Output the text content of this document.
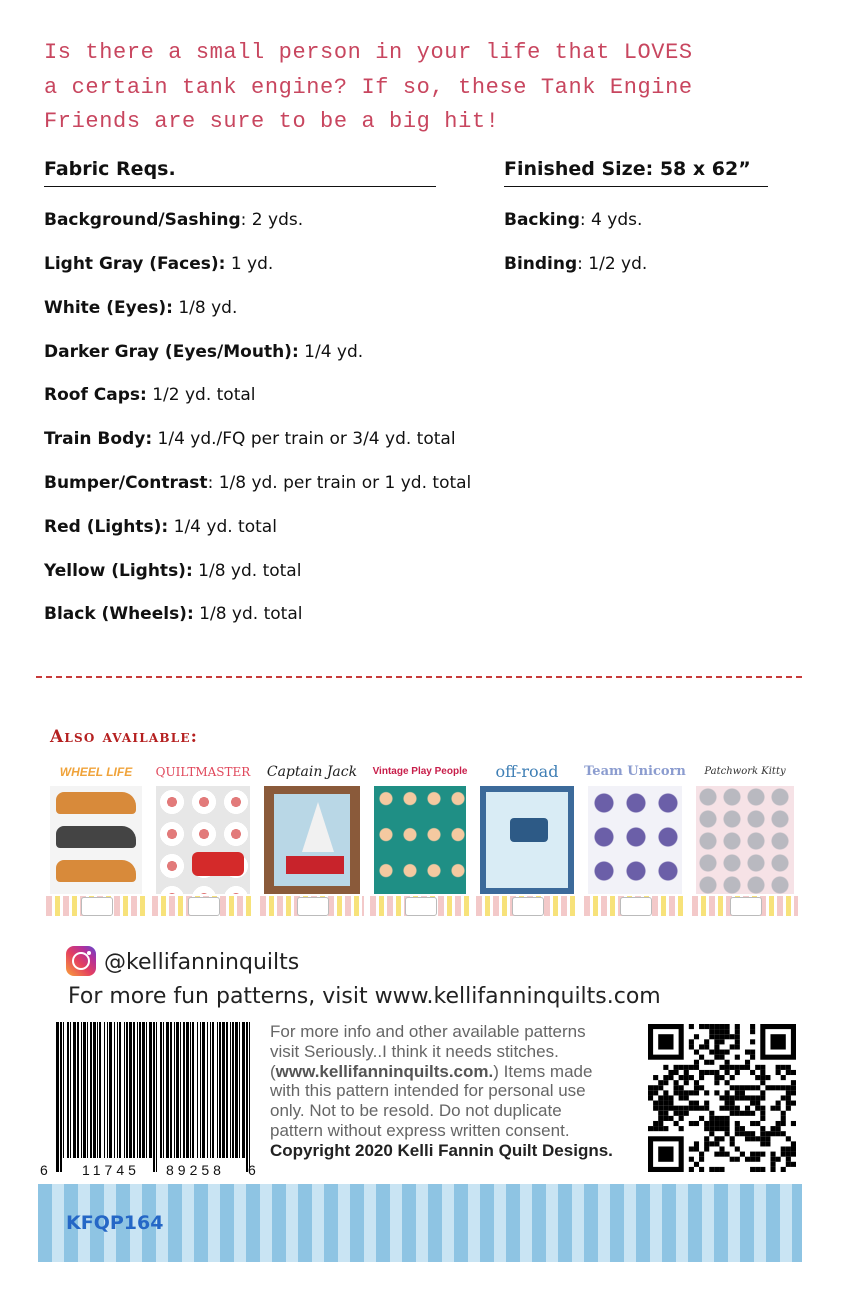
Is there a small person in your life that LOVES
a certain tank engine? If so, these Tank Engine
Friends are sure to be a big hit!
Fabric Reqs.	Finished Size: 58 x 62”
Background/Sashing: 2 yds.
Light Gray (Faces): 1 yd.
White (Eyes): 1/8 yd.
Darker Gray (Eyes/Mouth): 1/4 yd.
Roof Caps: 1/2 yd. total
Train Body: 1/4 yd./FQ per train or 3/4 yd. total
Bumper/Contrast: 1/8 yd. per train or 1 yd. total
Red (Lights): 1/4 yd. total
Yellow (Lights): 1/8 yd. total
Black (Wheels): 1/8 yd. total
Backing: 4 yds.
Binding: 1/2 yd.
Also available:
WHEEL LIFE	QUILTMASTER	Captain Jack	Vintage Play People	off-road	Team Unicorn	Patchwork Kitty
@kellifanninquilts
For more fun patterns, visit www.kellifanninquilts.com
6 11745 89258 6
For more info and other available patterns
visit Seriously..I think it needs stitches.
(www.kellifanninquilts.com.) Items made
with this pattern intended for personal use
only. Not to be resold. Do not duplicate
pattern without express written consent.
Copyright 2020 Kelli Fannin Quilt Designs.
KFQP164
